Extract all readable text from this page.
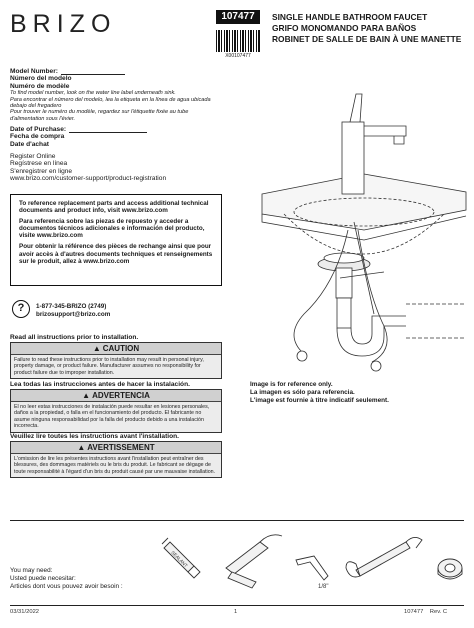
BRIZO	107477
X00107477
SINGLE HANDLE BATHROOM FAUCET
GRIFO MONOMANDO PARA BAÑOS
ROBINET DE SALLE DE BAIN À UNE MANETTE
Model Number:
Número del modelo
Numéro de modèle
To find model number, look on the water line label underneath sink.
Para encontrar el número del modelo, lea la etiqueta en la línea de agua ubicada debajo del fregadero
Pour trouver le numéro du modèle, regardez sur l'étiquette fixée au tube d'alimentation sous l'évier.
Date of Purchase:
Fecha de compra
Date d'achat
Register Online
Regístrese en línea
S'enregistrer en ligne
www.brizo.com/customer-support/product-registration

To reference replacement parts and access additional technical documents and product info, visit www.brizo.com

Para referencia sobre las piezas de repuesto y acceder a documentos técnicos adicionales e información del producto, visite www.brizo.com

Pour obtenir la référence des pièces de rechange ainsi que pour avoir accès à d'autres documents techniques et renseignements sur le produit, allez à www.brizo.com

?	1-877-345-BRIZO (2749)
brizosupport@brizo.com
Read all instructions prior to installation.
▲ CAUTION
Failure to read these instructions prior to installation may result in personal injury, property damage, or product failure. Manufacturer assumes no responsibility for product failure due to improper installation.
Lea todas las instrucciones antes de hacer la instalación.
▲ ADVERTENCIA
El no leer estas instrucciones de instalación puede resultar en lesiones personales, daños a la propiedad, o falla en el funcionamiento del producto. El fabricante no asume ninguna responsabilidad por la falla del producto debido a una instalación incorrecta.
Veuillez lire toutes les instructions avant l'installation.
▲ AVERTISSEMENT
L'omission de lire les présentes instructions avant l'installation peut entraîner des blessures, des dommages matériels ou le bris du produit. Le fabricant se dégage de toute responsabilité à l'égard d'un bris du produit causé par une mauvaise installation.
Image is for reference only.
La imagen es sólo para referencia.
L'image est fournie à titre indicatif seulement.
You may need:
Usted puede necesitar:
Articles dont vous pouvez avoir besoin :
SEALANT
1/8"
03/31/2022	1	107477    Rev. C
